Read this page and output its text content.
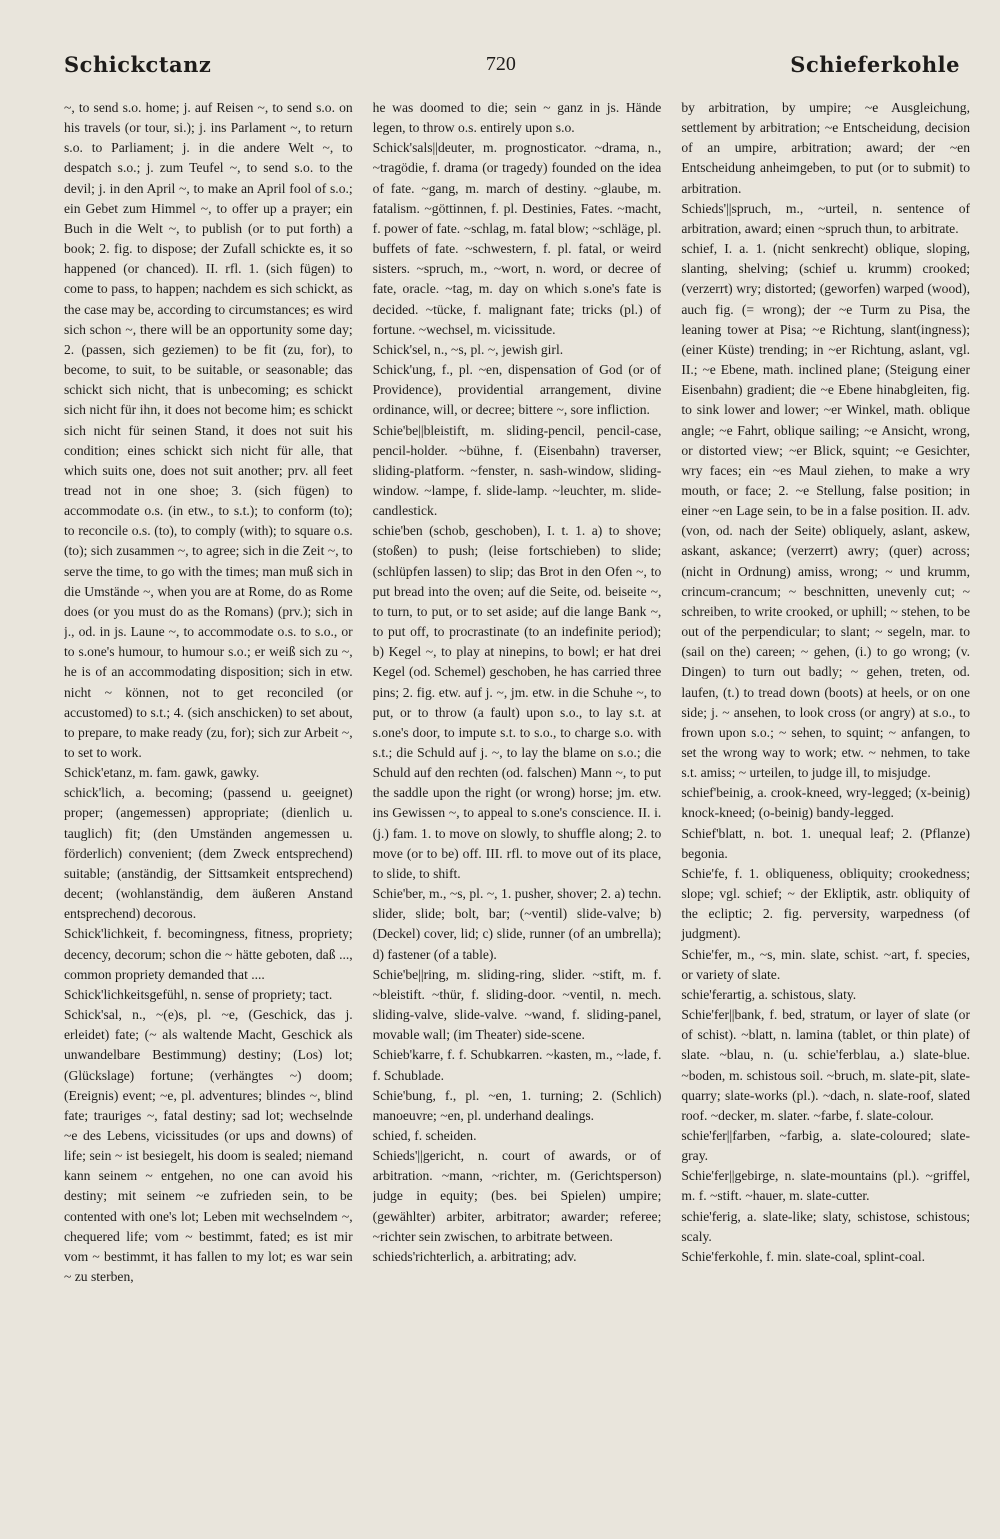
Schickctanz	720	Schieferkohle

~, to send s.o. home; j. auf Reisen ~, to send s.o. on his travels (or tour, si.); j. ins Parlament ~, to return s.o. to Parliament; j. in die andere Welt ~, to despatch s.o.; j. zum Teufel ~, to send s.o. to the devil; j. in den April ~, to make an April fool of s.o.; ein Gebet zum Himmel ~, to offer up a prayer; ein Buch in die Welt ~, to publish (or to put forth) a book; 2. fig. to dispose; der Zufall schickte es, it so happened (or chanced). II. rfl. 1. (sich fügen) to come to pass, to happen; nachdem es sich schickt, as the case may be, according to circumstances; es wird sich schon ~, there will be an opportunity some day; 2. (passen, sich geziemen) to be fit (zu, for), to become, to suit, to be suitable, or seasonable; das schickt sich nicht, that is unbecoming; es schickt sich nicht für ihn, it does not become him; es schickt sich nicht für seinen Stand, it does not suit his condition; eines schickt sich nicht für alle, that which suits one, does not suit another; prv. all feet tread not in one shoe; 3. (sich fügen) to accommodate o.s. (in etw., to s.t.); to conform (to); to reconcile o.s. (to), to comply (with); to square o.s. (to); sich zusammen ~, to agree; sich in die Zeit ~, to serve the time, to go with the times; man muß sich in die Umstände ~, when you are at Rome, do as Rome does (or you must do as the Romans) (prv.); sich in j., od. in js. Laune ~, to accommodate o.s. to s.o., or to s.one's humour, to humour s.o.; er weiß sich zu ~, he is of an accommodating disposition; sich in etw. nicht ~ können, not to get reconciled (or accustomed) to s.t.; 4. (sich anschicken) to set about, to prepare, to make ready (zu, for); sich zur Arbeit ~, to set to work.

Schick'etanz, m. fam. gawk, gawky.

schick'lich, a. becoming; (passend u. geeignet) proper; (angemessen) appropriate; (dienlich u. tauglich) fit; (den Umständen angemessen u. förderlich) convenient; (dem Zweck entsprechend) suitable; (anständig, der Sittsamkeit entsprechend) decent; (wohlanständig, dem äußeren Anstand entsprechend) decorous.

Schick'lichkeit, f. becomingness, fitness, propriety; decency, decorum; schon die ~ hätte geboten, daß ..., common propriety demanded that ....

Schick'lichkeitsgefühl, n. sense of propriety; tact.

Schick'sal, n., ~(e)s, pl. ~e, (Geschick, das j. erleidet) fate; (~ als waltende Macht, Geschick als unwandelbare Bestimmung) destiny; (Los) lot; (Glückslage) fortune; (verhängtes ~) doom; (Ereignis) event; ~e, pl. adventures; blindes ~, blind fate; trauriges ~, fatal destiny; sad lot; wechselnde ~e des Lebens, vicissitudes (or ups and downs) of life; sein ~ ist besiegelt, his doom is sealed; niemand kann seinem ~ entgehen, no one can avoid his destiny; mit seinem ~e zufrieden sein, to be contented with one's lot; Leben mit wechselndem ~, chequered life; vom ~ bestimmt, fated; es ist mir vom ~ bestimmt, it has fallen to my lot; es war sein ~ zu sterben,

he was doomed to die; sein ~ ganz in js. Hände legen, to throw o.s. entirely upon s.o.

Schick'sals||deuter, m. prognosticator. ~drama, n., ~tragödie, f. drama (or tragedy) founded on the idea of fate. ~gang, m. march of destiny. ~glaube, m. fatalism. ~göttinnen, f. pl. Destinies, Fates. ~macht, f. power of fate. ~schlag, m. fatal blow; ~schläge, pl. buffets of fate. ~schwestern, f. pl. fatal, or weird sisters. ~spruch, m., ~wort, n. word, or decree of fate, oracle. ~tag, m. day on which s.one's fate is decided. ~tücke, f. malignant fate; tricks (pl.) of fortune. ~wechsel, m. vicissitude.

Schick'sel, n., ~s, pl. ~, jewish girl.

Schick'ung, f., pl. ~en, dispensation of God (or of Providence), providential arrangement, divine ordinance, will, or decree; bittere ~, sore infliction.

Schie'be||bleistift, m. sliding-pencil, pencil-case, pencil-holder. ~bühne, f. (Eisenbahn) traverser, sliding-platform. ~fenster, n. sash-window, sliding-window. ~lampe, f. slide-lamp. ~leuchter, m. slide-candlestick.

schie'ben (schob, geschoben), I. t. 1. a) to shove; (stoßen) to push; (leise fortschieben) to slide; (schlüpfen lassen) to slip; das Brot in den Ofen ~, to put bread into the oven; auf die Seite, od. beiseite ~, to turn, to put, or to set aside; auf die lange Bank ~, to put off, to procrastinate (to an indefinite period); b) Kegel ~, to play at ninepins, to bowl; er hat drei Kegel (od. Schemel) geschoben, he has carried three pins; 2. fig. etw. auf j. ~, jm. etw. in die Schuhe ~, to put, or to throw (a fault) upon s.o., to lay s.t. at s.one's door, to impute s.t. to s.o., to charge s.o. with s.t.; die Schuld auf j. ~, to lay the blame on s.o.; die Schuld auf den rechten (od. falschen) Mann ~, to put the saddle upon the right (or wrong) horse; jm. etw. ins Gewissen ~, to appeal to s.one's conscience. II. i. (j.) fam. 1. to move on slowly, to shuffle along; 2. to move (or to be) off. III. rfl. to move out of its place, to slide, to shift.

Schie'ber, m., ~s, pl. ~, 1. pusher, shover; 2. a) techn. slider, slide; bolt, bar; (~ventil) slide-valve; b) (Deckel) cover, lid; c) slide, runner (of an umbrella); d) fastener (of a table).

Schie'be||ring, m. sliding-ring, slider. ~stift, m. f. ~bleistift. ~thür, f. sliding-door. ~ventil, n. mech. sliding-valve, slide-valve. ~wand, f. sliding-panel, movable wall; (im Theater) side-scene.

Schieb'karre, f. f. Schubkarren. ~kasten, m., ~lade, f. f. Schublade.

Schie'bung, f., pl. ~en, 1. turning; 2. (Schlich) manoeuvre; ~en, pl. underhand dealings.

schied, f. scheiden.

Schieds'||gericht, n. court of awards, or of arbitration. ~mann, ~richter, m. (Gerichtsperson) judge in equity; (bes. bei Spielen) umpire; (gewählter) arbiter, arbitrator; awarder; referee; ~richter sein zwischen, to arbitrate between.

schieds'richterlich, a. arbitrating; adv.

by arbitration, by umpire; ~e Ausgleichung, settlement by arbitration; ~e Entscheidung, decision of an umpire, arbitration; award; der ~en Entscheidung anheimgeben, to put (or to submit) to arbitration.

Schieds'||spruch, m., ~urteil, n. sentence of arbitration, award; einen ~spruch thun, to arbitrate.

schief, I. a. 1. (nicht senkrecht) oblique, sloping, slanting, shelving; (schief u. krumm) crooked; (verzerrt) wry; distorted; (geworfen) warped (wood), auch fig. (= wrong); der ~e Turm zu Pisa, the leaning tower at Pisa; ~e Richtung, slant(ingness); (einer Küste) trending; in ~er Richtung, aslant, vgl. II.; ~e Ebene, math. inclined plane; (Steigung einer Eisenbahn) gradient; die ~e Ebene hinabgleiten, fig. to sink lower and lower; ~er Winkel, math. oblique angle; ~e Fahrt, oblique sailing; ~e Ansicht, wrong, or distorted view; ~er Blick, squint; ~e Gesichter, wry faces; ein ~es Maul ziehen, to make a wry mouth, or face; 2. ~e Stellung, false position; in einer ~en Lage sein, to be in a false position. II. adv. (von, od. nach der Seite) obliquely, aslant, askew, askant, askance; (verzerrt) awry; (quer) across; (nicht in Ordnung) amiss, wrong; ~ und krumm, crincum-crancum; ~ beschnitten, unevenly cut; ~ schreiben, to write crooked, or uphill; ~ stehen, to be out of the perpendicular; to slant; ~ segeln, mar. to (sail on the) careen; ~ gehen, (i.) to go wrong; (v. Dingen) to turn out badly; ~ gehen, treten, od. laufen, (t.) to tread down (boots) at heels, or on one side; j. ~ ansehen, to look cross (or angry) at s.o., to frown upon s.o.; ~ sehen, to squint; ~ anfangen, to set the wrong way to work; etw. ~ nehmen, to take s.t. amiss; ~ urteilen, to judge ill, to misjudge.

schief'beinig, a. crook-kneed, wry-legged; (x-beinig) knock-kneed; (o-beinig) bandy-legged.

Schief'blatt, n. bot. 1. unequal leaf; 2. (Pflanze) begonia.

Schie'fe, f. 1. obliqueness, obliquity; crookedness; slope; vgl. schief; ~ der Ekliptik, astr. obliquity of the ecliptic; 2. fig. perversity, warpedness (of judgment).

Schie'fer, m., ~s, min. slate, schist. ~art, f. species, or variety of slate.

schie'ferartig, a. schistous, slaty.

Schie'fer||bank, f. bed, stratum, or layer of slate (or of schist). ~blatt, n. lamina (tablet, or thin plate) of slate. ~blau, n. (u. schie'ferblau, a.) slate-blue. ~boden, m. schistous soil. ~bruch, m. slate-pit, slate-quarry; slate-works (pl.). ~dach, n. slate-roof, slated roof. ~decker, m. slater. ~farbe, f. slate-colour.

schie'fer||farben, ~farbig, a. slate-coloured; slate-gray.

Schie'fer||gebirge, n. slate-mountains (pl.). ~griffel, m. f. ~stift. ~hauer, m. slate-cutter.

schie'ferig, a. slate-like; slaty, schistose, schistous; scaly.

Schie'ferkohle, f. min. slate-coal, splint-coal.
